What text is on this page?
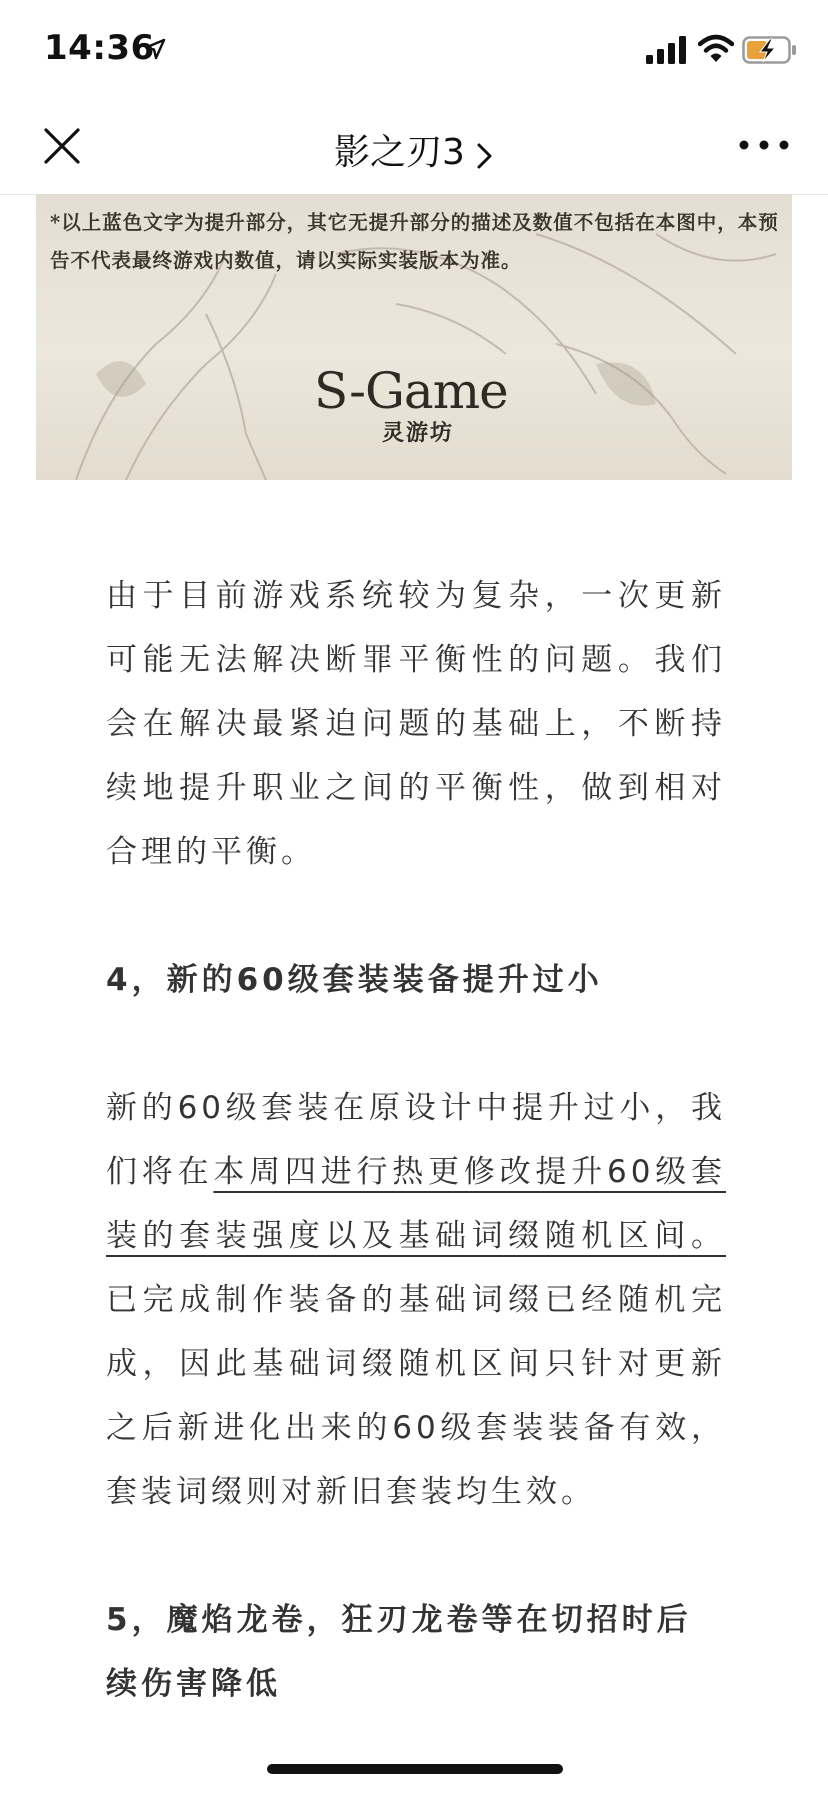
14:36
影之刃3
*以上蓝色文字为提升部分，其它无提升部分的描述及数值不包括在本图中，本预告不代表最终游戏内数值，请以实际实装版本为准。
S-Game
灵游坊

由于目前游戏系统较为复杂，一次更新可能无法解决断罪平衡性的问题。我们会在解决最紧迫问题的基础上，不断持续地提升职业之间的平衡性，做到相对合理的平衡。

4，新的60级套装装备提升过小

新的60级套装在原设计中提升过小，我们将在本周四进行热更修改提升60级套装的套装强度以及基础词缀随机区间。已完成制作装备的基础词缀已经随机完成，因此基础词缀随机区间只针对更新之后新进化出来的60级套装装备有效，套装词缀则对新旧套装均生效。

5，魔焰龙卷，狂刃龙卷等在切招时后续伤害降低
